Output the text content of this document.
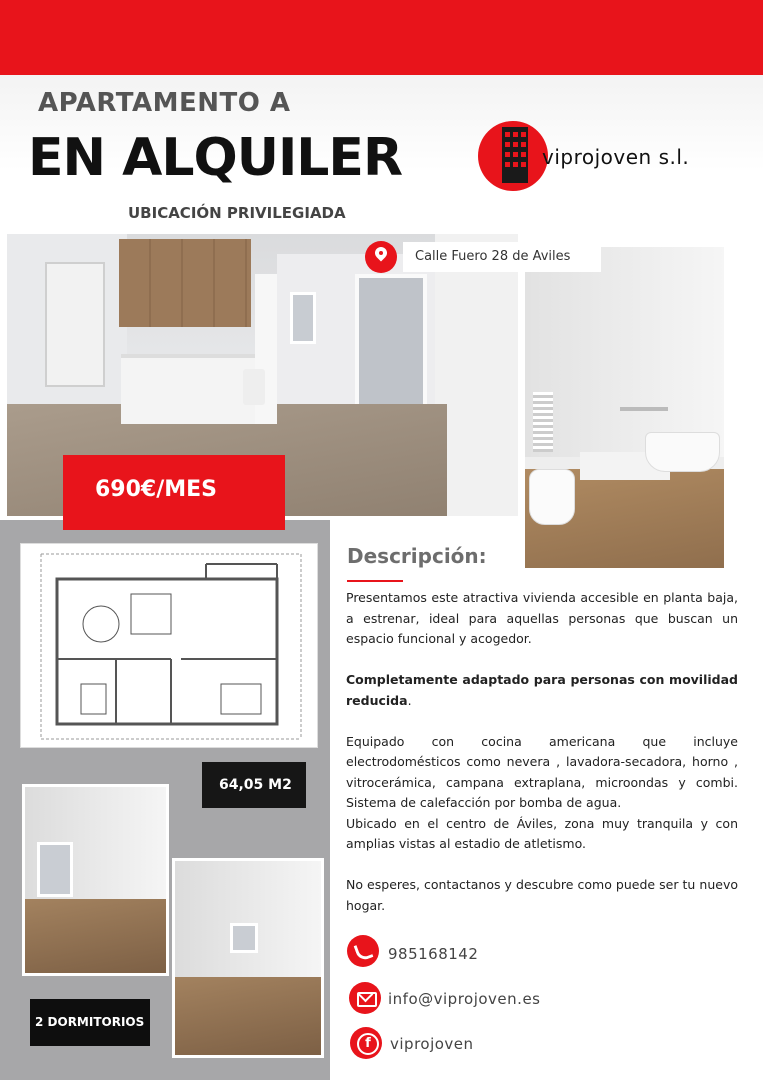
APARTAMENTO A
EN ALQUILER
UBICACIÓN PRIVILEGIADA
viprojoven s.l.
Calle Fuero 28 de Aviles
690€/MES
64,05 M2
2 DORMITORIOS
Descripción:

Presentamos este atractiva vivienda accesible en planta baja, a estrenar, ideal para aquellas personas que buscan un espacio funcional y acogedor.

Completamente adaptado para personas con movilidad reducida.

Equipado con cocina americana que incluye electrodomésticos como nevera , lavadora-secadora, horno , vitrocerámica, campana extraplana, microondas y combi. Sistema de calefacción por bomba de agua.

Ubicado en el centro de Áviles, zona muy tranquila y con amplias vistas al estadio de atletismo.

No esperes, contactanos y descubre como puede ser tu nuevo hogar.

985168142
info@viprojoven.es
f
viprojoven
